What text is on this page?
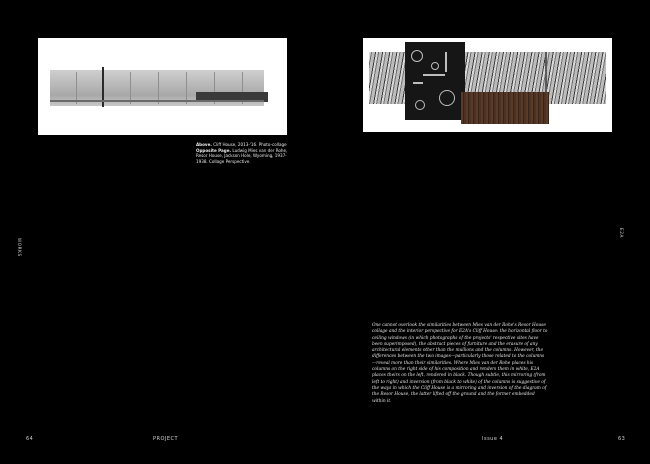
Above. Cliff House, 2013-'16. Photo-collage Opposite Page. Ludwig Mies van der Rohe, Resor House, Jackson Hole, Wyoming, 1937-1938. Collage Perspective.
WORKS
E2A
One cannot overlook the similarities between Mies van der Rohe's Resor House collage and the interior perspective for E2A's Cliff House: the horizontal floor to ceiling windows (in which photographs of the projects' respective sites have been superimposed), the abstract pieces of furniture and the erasure of any architectural elements other than the mullions and the columns. However, the differences between the two images—particularly those related to the columns—reveal more than their similarities. Where Mies van der Rohe places his columns on the right side of his composition and renders them in white, E2A places theirs on the left, rendered in black. Though subtle, this mirroring (from left to right) and inversion (from black to white) of the columns is suggestive of the ways in which the Cliff House is a mirroring and inversion of the diagram of the Resor House, the latter lifted off the ground and the former embedded within it.
64	PROJECT	Issue 4	63
